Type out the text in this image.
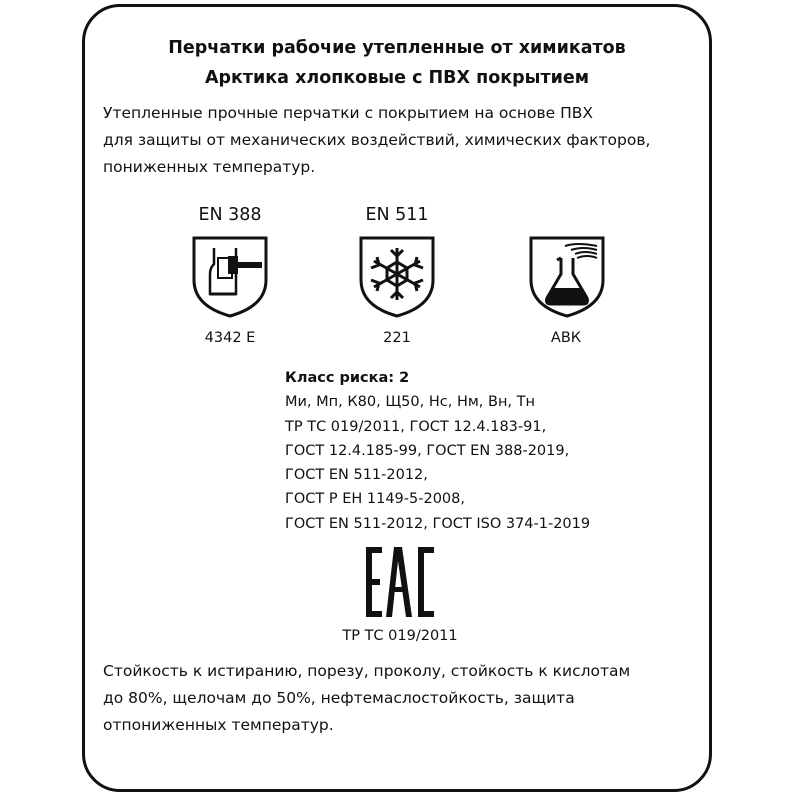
Перчатки рабочие утепленные от химикатов
Арктика хлопковые с ПВХ покрытием
Утепленные прочные перчатки с покрытием на основе ПВХ
для защиты от механических воздействий, химических факторов,
пониженных температур.
EN 388
4342 E
EN 511
221	АВК
Класс риска: 2
Ми, Мп, К80, Щ50, Нс, Нм, Вн, Тн
ТР ТС 019/2011, ГОСТ 12.4.183-91,
ГОСТ 12.4.185-99, ГОСТ EN 388-2019,
ГОСТ EN 511-2012,
ГОСТ Р ЕН 1149-5-2008,
ГОСТ EN 511-2012, ГОСТ ISO 374-1-2019
ТР ТС 019/2011
Стойкость к истиранию, порезу, проколу, стойкость к кислотам
до 80%, щелочам до 50%, нефтемаслостойкость, защита
отпониженных температур.
